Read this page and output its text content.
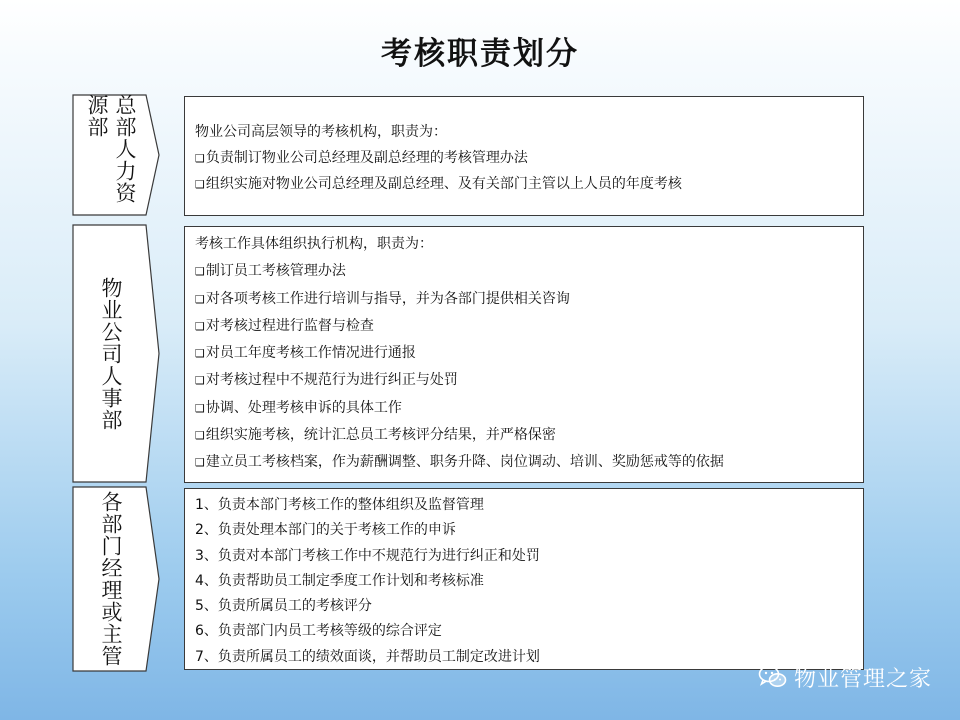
考核职责划分
总部人力资源部	物业公司高层领导的考核机构，职责为：
❑负责制订物业公司总经理及副总经理的考核管理办法
❑组织实施对物业公司总经理及副总经理、及有关部门主管以上人员的年度考核
物业公司人事部
考核工作具体组织执行机构，职责为：
❑制订员工考核管理办法
❑对各项考核工作进行培训与指导，并为各部门提供相关咨询
❑对考核过程进行监督与检查
❑对员工年度考核工作情况进行通报
❑对考核过程中不规范行为进行纠正与处罚
❑协调、处理考核申诉的具体工作
❑组织实施考核，统计汇总员工考核评分结果，并严格保密
❑建立员工考核档案，作为薪酬调整、职务升降、岗位调动、培训、奖励惩戒等的依据
各部门经理或主管	1、负责本部门考核工作的整体组织及监督管理
2、负责处理本部门的关于考核工作的申诉
3、负责对本部门考核工作中不规范行为进行纠正和处罚
4、负责帮助员工制定季度工作计划和考核标准
5、负责所属员工的考核评分
6、负责部门内员工考核等级的综合评定
7、负责所属员工的绩效面谈，并帮助员工制定改进计划
物业管理之家
